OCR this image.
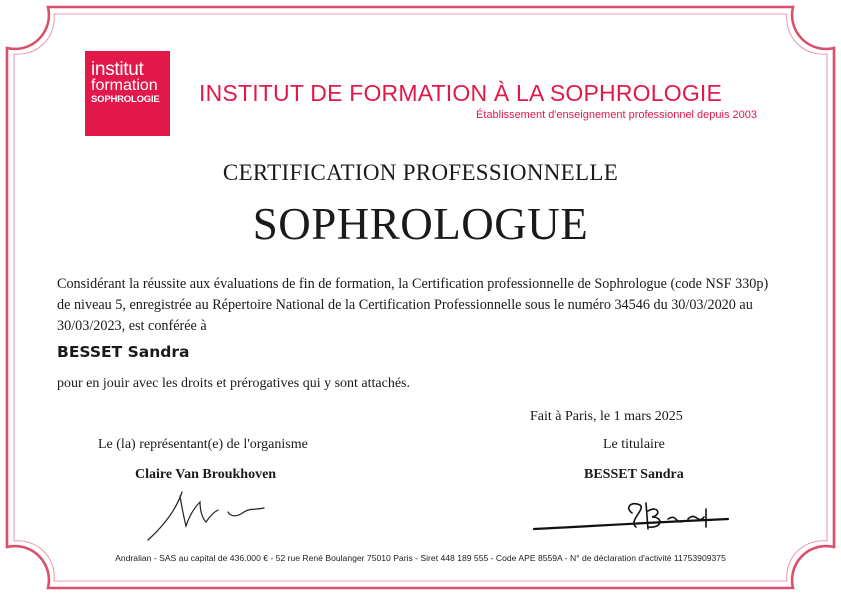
institut
formation
SOPHROLOGIE INSTITUT DE FORMATION À LA SOPHROLOGIE
Établissement d'enseignement professionnel depuis 2003
CERTIFICATION PROFESSIONNELLE
SOPHROLOGUE
Considérant la réussite aux évaluations de fin de formation, la Certification professionnelle de Sophrologue (code NSF 330p)
de niveau 5, enregistrée au Répertoire National de la Certification Professionnelle sous le numéro 34546 du 30/03/2020 au
30/03/2023, est conférée à
BESSET Sandra
pour en jouir avec les droits et prérogatives qui y sont attachés.
Fait à Paris, le 1 mars 2025
Le (la) représentant(e) de l'organisme	Le titulaire
Claire Van Broukhoven	BESSET Sandra
Andralian - SAS au capital de 436.000 € - 52 rue René Boulanger 75010 Paris - Siret 448 189 555 - Code APE 8559A - N° de déclaration d'activité 11753909375
